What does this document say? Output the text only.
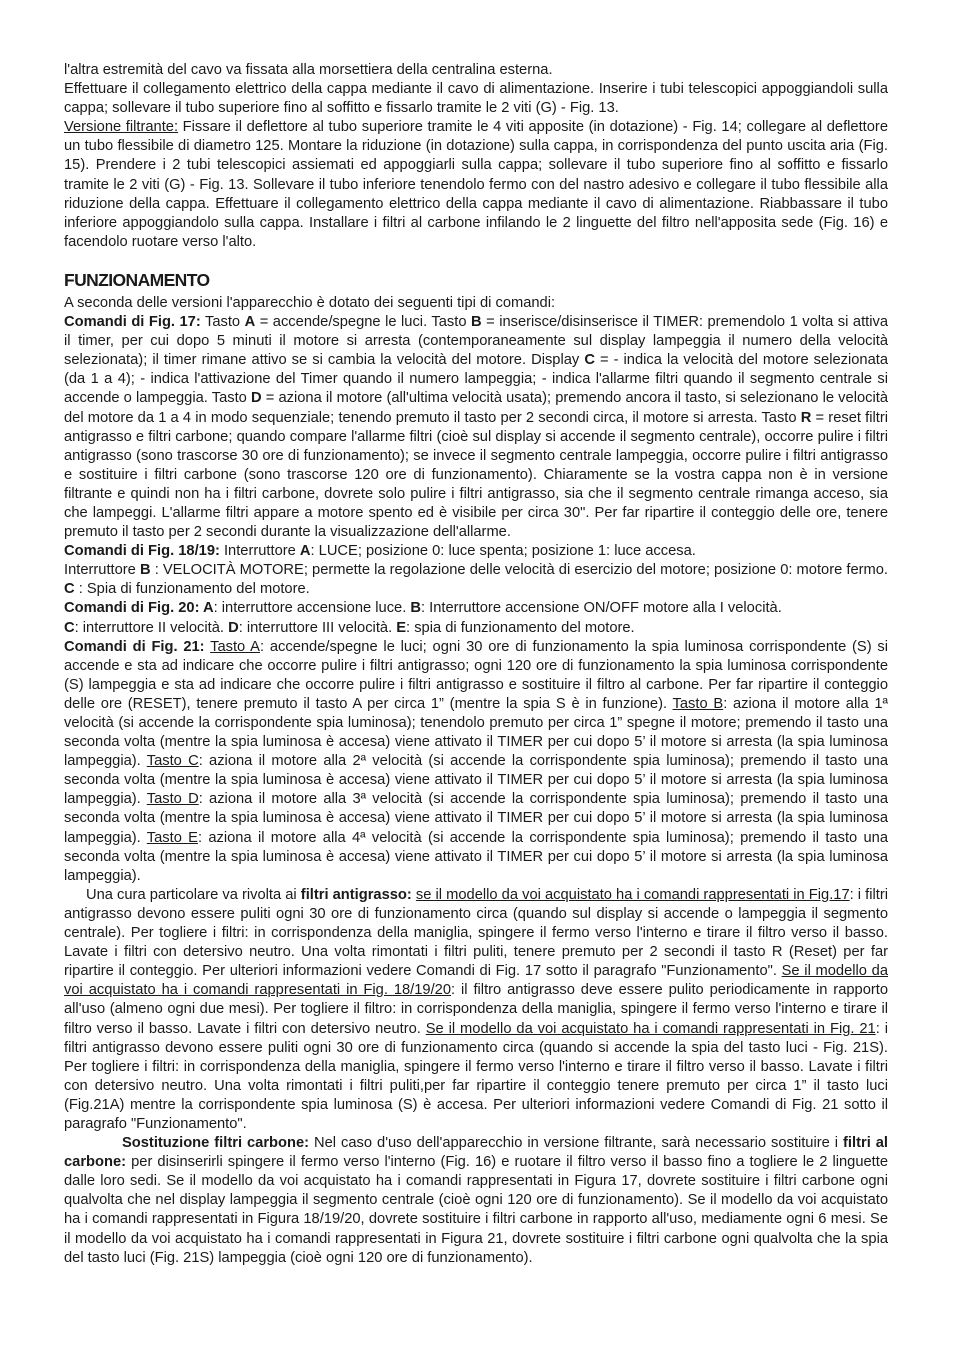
l'altra estremità del cavo va fissata alla morsettiera della centralina esterna.

Effettuare il collegamento elettrico della cappa mediante il cavo di alimentazione. Inserire i tubi telescopici appoggiandoli sulla cappa; sollevare il tubo superiore fino al soffitto e fissarlo tramite le 2 viti (G) - Fig. 13.

Versione filtrante: Fissare il deflettore al tubo superiore tramite le 4 viti apposite (in dotazione) - Fig. 14; collegare al deflettore un tubo flessibile di diametro 125. Montare la riduzione (in dotazione) sulla cappa, in corrispondenza del punto uscita aria (Fig. 15). Prendere i 2 tubi telescopici assiemati ed appoggiarli sulla cappa; sollevare il tubo superiore fino al soffitto e fissarlo tramite le 2 viti (G) - Fig. 13. Sollevare il tubo inferiore tenendolo fermo con del nastro adesivo e collegare il tubo flessibile alla riduzione della cappa. Effettuare il collegamento elettrico della cappa mediante il cavo di alimentazione. Riabbassare il tubo inferiore appoggiandolo sulla cappa. Installare i filtri al carbone infilando le 2 linguette del filtro nell'apposita sede (Fig. 16) e facendolo ruotare verso l'alto.

FUNZIONAMENTO

A seconda delle versioni l'apparecchio è dotato dei seguenti tipi di comandi:

Comandi di Fig. 17: Tasto A = accende/spegne le luci. Tasto B = inserisce/disinserisce il TIMER: premendolo 1 volta si attiva il timer, per cui dopo 5 minuti il motore si arresta (contemporaneamente sul display lampeggia il numero della velocità selezionata); il timer rimane attivo se si cambia la velocità del motore. Display C = - indica la velocità del motore selezionata (da 1 a 4); - indica l'attivazione del Timer quando il numero lampeggia; - indica l'allarme filtri quando il segmento centrale si accende o lampeggia. Tasto D = aziona il motore (all'ultima velocità usata); premendo ancora il tasto, si selezionano le velocità del motore da 1 a 4 in modo sequenziale; tenendo premuto il tasto per 2 secondi circa, il motore si arresta. Tasto R = reset filtri antigrasso e filtri carbone; quando compare l'allarme filtri (cioè sul display si accende il segmento centrale), occorre pulire i filtri antigrasso (sono trascorse 30 ore di funzionamento); se invece il segmento centrale lampeggia, occorre pulire i filtri antigrasso e sostituire i filtri carbone (sono trascorse 120 ore di funzionamento). Chiaramente se la vostra cappa non è in versione filtrante e quindi non ha i filtri carbone, dovrete solo pulire i filtri antigrasso, sia che il segmento centrale rimanga acceso, sia che lampeggi. L'allarme filtri appare a motore spento ed è visibile per circa 30". Per far ripartire il conteggio delle ore, tenere premuto il tasto per 2 secondi durante la visualizzazione dell'allarme.

Comandi di Fig. 18/19: Interruttore A: LUCE; posizione 0: luce spenta; posizione 1: luce accesa.

Interruttore B : VELOCITÀ MOTORE; permette la regolazione delle velocità di esercizio del motore; posizione 0: motore fermo. C : Spia di funzionamento del motore.

Comandi di Fig. 20: A: interruttore accensione luce. B: Interruttore accensione ON/OFF motore alla I velocità.

C: interruttore II velocità. D: interruttore III velocità. E: spia di funzionamento del motore.

Comandi di Fig. 21: Tasto A: accende/spegne le luci; ogni 30 ore di funzionamento la spia luminosa corrispondente (S) si accende e sta ad indicare che occorre pulire i filtri antigrasso; ogni 120 ore di funzionamento la spia luminosa corrispondente (S) lampeggia e sta ad indicare che occorre pulire i filtri antigrasso e sostituire il filtro al carbone. Per far ripartire il conteggio delle ore (RESET), tenere premuto il tasto A per circa 1” (mentre la spia S è in funzione). Tasto B: aziona il motore alla 1ª velocità (si accende la corrispondente spia luminosa); tenendolo premuto per circa 1” spegne il motore; premendo il tasto una seconda volta (mentre la spia luminosa è accesa) viene attivato il TIMER per cui dopo 5’ il motore si arresta (la spia luminosa lampeggia). Tasto C: aziona il motore alla 2ª velocità (si accende la corrispondente spia luminosa); premendo il tasto una seconda volta (mentre la spia luminosa è accesa) viene attivato il TIMER per cui dopo 5’ il motore si arresta (la spia luminosa lampeggia). Tasto D: aziona il motore alla 3ª velocità (si accende la corrispondente spia luminosa); premendo il tasto una seconda volta (mentre la spia luminosa è accesa) viene attivato il TIMER per cui dopo 5’ il motore si arresta (la spia luminosa lampeggia). Tasto E: aziona il motore alla 4ª velocità (si accende la corrispondente spia luminosa); premendo il tasto una seconda volta (mentre la spia luminosa è accesa) viene attivato il TIMER per cui dopo 5’ il motore si arresta (la spia luminosa lampeggia).

Una cura particolare va rivolta ai filtri antigrasso: se il modello da voi acquistato ha i comandi rappresentati in Fig.17: i filtri antigrasso devono essere puliti ogni 30 ore di funzionamento circa (quando sul display si accende o lampeggia il segmento centrale). Per togliere i filtri: in corrispondenza della maniglia, spingere il fermo verso l'interno e tirare il filtro verso il basso. Lavate i filtri con detersivo neutro. Una volta rimontati i filtri puliti, tenere premuto per 2 secondi il tasto R (Reset) per far ripartire il conteggio. Per ulteriori informazioni vedere Comandi di Fig. 17 sotto il paragrafo "Funzionamento". Se il modello da voi acquistato ha i comandi rappresentati in Fig. 18/19/20: il filtro antigrasso deve essere pulito periodicamente in rapporto all'uso (almeno ogni due mesi). Per togliere il filtro: in corrispondenza della maniglia, spingere il fermo verso l'interno e tirare il filtro verso il basso. Lavate i filtri con detersivo neutro. Se il modello da voi acquistato ha i comandi rappresentati in Fig. 21: i filtri antigrasso devono essere puliti ogni 30 ore di funzionamento circa (quando si accende la spia del tasto luci - Fig. 21S). Per togliere i filtri: in corrispondenza della maniglia, spingere il fermo verso l'interno e tirare il filtro verso il basso. Lavate i filtri con detersivo neutro. Una volta rimontati i filtri puliti,per far ripartire il conteggio tenere premuto per circa 1” il tasto luci (Fig.21A) mentre la corrispondente spia luminosa (S) è accesa. Per ulteriori informazioni vedere Comandi di Fig. 21 sotto il paragrafo "Funzionamento".

Sostituzione filtri carbone: Nel caso d'uso dell'apparecchio in versione filtrante, sarà necessario sostituire i filtri al carbone: per disinserirli spingere il fermo verso l'interno (Fig. 16) e ruotare il filtro verso il basso fino a togliere le 2 linguette dalle loro sedi. Se il modello da voi acquistato ha i comandi rappresentati in Figura 17, dovrete sostituire i filtri carbone ogni qualvolta che nel display lampeggia il segmento centrale (cioè ogni 120 ore di funzionamento). Se il modello da voi acquistato ha i comandi rappresentati in Figura 18/19/20, dovrete sostituire i filtri carbone in rapporto all'uso, mediamente ogni 6 mesi. Se il modello da voi acquistato ha i comandi rappresentati in Figura 21, dovrete sostituire i filtri carbone ogni qualvolta che la spia del tasto luci (Fig. 21S) lampeggia (cioè ogni 120 ore di funzionamento).
